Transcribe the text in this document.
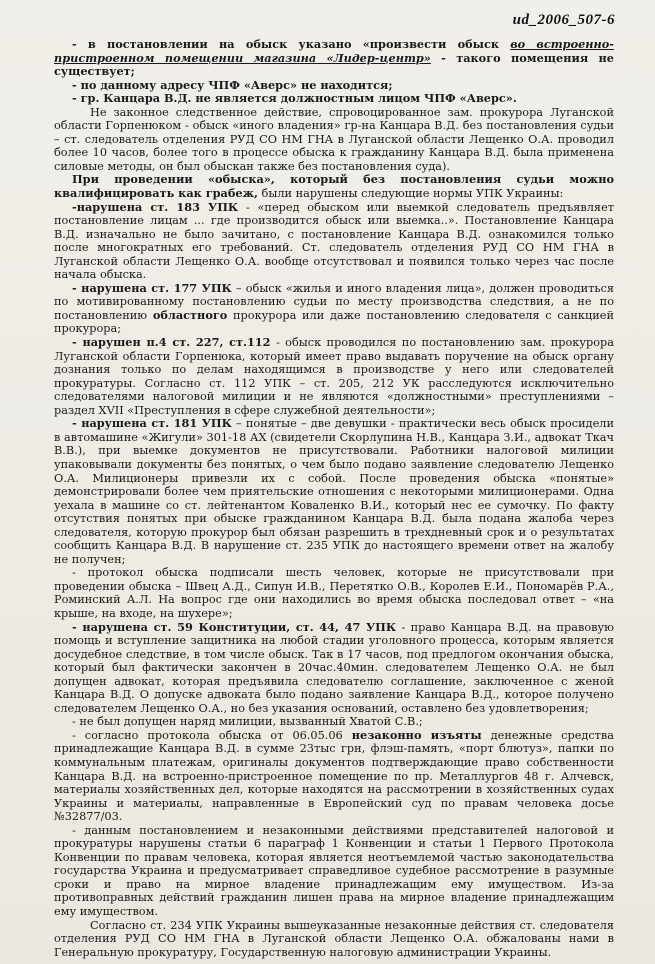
ud_2006_507-6

- в постановлении на обыск указано «произвести обыск во встроенно-пристроенном помещении магазина «Лидер-центр» - такого помещения не существует;

- по данному адресу ЧПФ «Аверс» не находится;

- гр. Канцара В.Д. не является должностным лицом ЧПФ «Аверс».

Не законное следственное действие, спровоцированное зам. прокурора Луганской области Горпенюком - обыск «иного владения» гр-на Канцара В.Д. без постановления судьи – ст. следователь отделения РУД СО НМ ГНА в Луганской области Лещенко О.А. проводил более 10 часов, более того в процессе обыска к гражданину Канцара В.Д. была применена силовые методы, он был обыскан также без постановления суда).

При проведении «обыска», который без постановления судьи можно квалифицировать как грабеж, были нарушены следующие нормы УПК Украины:

-нарушена ст. 183 УПК - «перед обыском или выемкой следователь предъявляет постановление лицам ... где производится обыск или выемка..». Постановление Канцара В.Д. изначально не было зачитано, с постановление Канцара В.Д. ознакомился только после многократных его требований. Ст. следователь отделения РУД СО НМ ГНА в Луганской области Лещенко О.А. вообще отсутствовал и появился только через час после начала обыска.

- нарушена ст. 177 УПК – обыск «жилья и иного владения лица», должен проводиться по мотивированному постановлению судьи по месту производства следствия, а не по постановлению областного прокурора или даже постановлению следователя с санкцией прокурора;

- нарушен п.4 ст. 227, ст.112 - обыск проводился по постановлению зам. прокурора Луганской области Горпенюка, который имеет право выдавать поручение на обыск органу дознания только по делам находящимся в производстве у него или следователей прокуратуры. Согласно ст. 112 УПК – ст. 205, 212 УК расследуются исключительно следователями налоговой милиции и не являются «должностными» преступлениями – раздел XVII «Преступления в сфере служебной деятельности»;

- нарушена ст. 181 УПК – понятые – две девушки - практически весь обыск просидели в автомашине «Жигули» 301-18 АХ (свидетели Скорлупина Н.В., Канцара З.И., адвокат Ткач В.В.), при выемке документов не присутствовали. Работники налоговой милиции упаковывали документы без понятых, о чем было подано заявление следователю Лещенко О.А. Милиционеры привезли их с собой. После проведения обыска «понятые» демонстрировали более чем приятельские отношения с некоторыми милиционерами. Одна уехала в машине со ст. лейтенантом Коваленко В.И., который нес ее сумочку. По факту отсутствия понятых при обыске гражданином Канцара В.Д. была подана жалоба через следователя, которую прокурор был обязан разрешить в трехдневный срок и о результатах сообщить Канцара В.Д. В нарушение ст. 235 УПК до настоящего времени ответ на жалобу не получен;

- протокол обыска подписали шесть человек, которые не присутствовали при проведении обыска – Швец А.Д., Сипун И.В., Перетятко О.В., Королев Е.И., Пономарёв Р.А., Роминский А.Л. На вопрос где они находились во время обыска последовал ответ – «на крыше, на входе, на шухере»;

- нарушена ст. 59 Конституции, ст. 44, 47 УПК - право Канцара В.Д. на правовую помощь и вступление защитника на любой стадии уголовного процесса, которым является досудебное следствие, в том числе обыск. Так в 17 часов, под предлогом окончания обыска, который был фактически закончен в 20час.40мин. следователем Лещенко О.А. не был допущен адвокат, которая предъявила следователю соглашение, заключенное с женой Канцара В.Д. О допуске адвоката было подано заявление Канцара В.Д., которое получено следователем Лещенко О.А., но без указания оснований, оставлено без удовлетворения;

- не был допущен наряд милиции, вызванный Хватой С.В.;

- согласно протокола обыска от 06.05.06 незаконно изъяты денежные средства принадлежащие Канцара В.Д. в сумме 23тыс грн, флэш-память, «порт блютуз», папки по коммунальным платежам, оригиналы документов подтверждающие право собственности Канцара В.Д. на встроенно-пристроенное помещение по пр. Металлургов 48 г. Алчевск, материалы хозяйственных дел, которые находятся на рассмотрении в хозяйственных судах Украины и материалы, направленные в Европейский суд по правам человека досье №32877/03.

- данным постановлением и незаконными действиями представителей налоговой и прокуратуры нарушены статьи 6 параграф 1 Конвенции и статьи 1 Первого Протокола Конвенции по правам человека, которая является неотъемлемой частью законодательства государства Украина и предусматривает справедливое судебное рассмотрение в разумные сроки и право на мирное владение принадлежащим ему имуществом. Из-за противоправных действий гражданин лишен права на мирное владение принадлежащим ему имуществом.

Согласно ст. 234 УПК Украины вышеуказанные незаконные действия ст. следователя отделения РУД СО НМ ГНА в Луганской области Лещенко О.А. обжалованы нами в Генеральную прокуратуру, Государственную налоговую администрации Украины.
